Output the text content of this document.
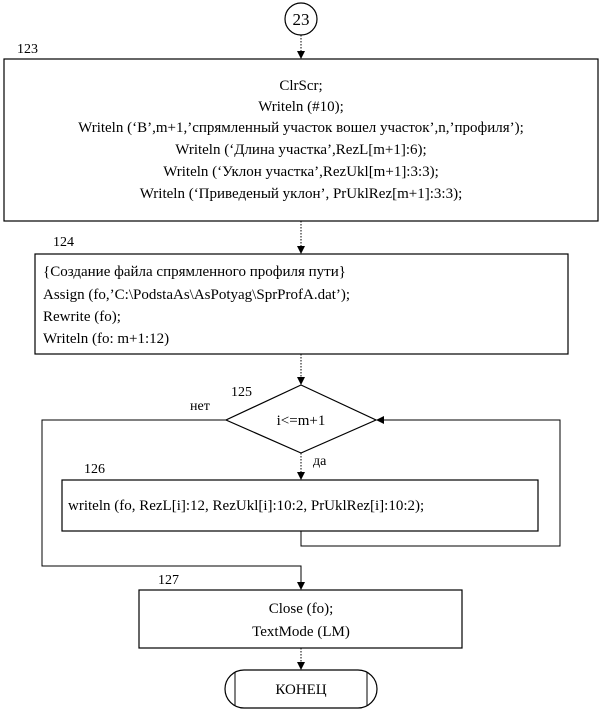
23
123
ClrScr;
Writeln (#10);
Writeln (‘В’,m+1,’спрямленный участок вошел участок’,n,’профиля’);
Writeln (‘Длина участка’,RezL[m+1]:6);
Writeln (‘Уклон участка’,RezUkl[m+1]:3:3);
Writeln (‘Приведеный уклон’, PrUklRez[m+1]:3:3);
124
{Создание файла спрямленного профиля пути}
Assign (fo,’C:\PodstaAs\AsPotyag\SprProfA.dat’);
Rewrite (fo);
Writeln (fo: m+1:12)
125
i<=m+1
нет
да
126
writeln (fo, RezL[i]:12, RezUkl[i]:10:2, PrUklRez[i]:10:2);
127
Close (fo);
TextMode (LM)
КОНЕЦ
